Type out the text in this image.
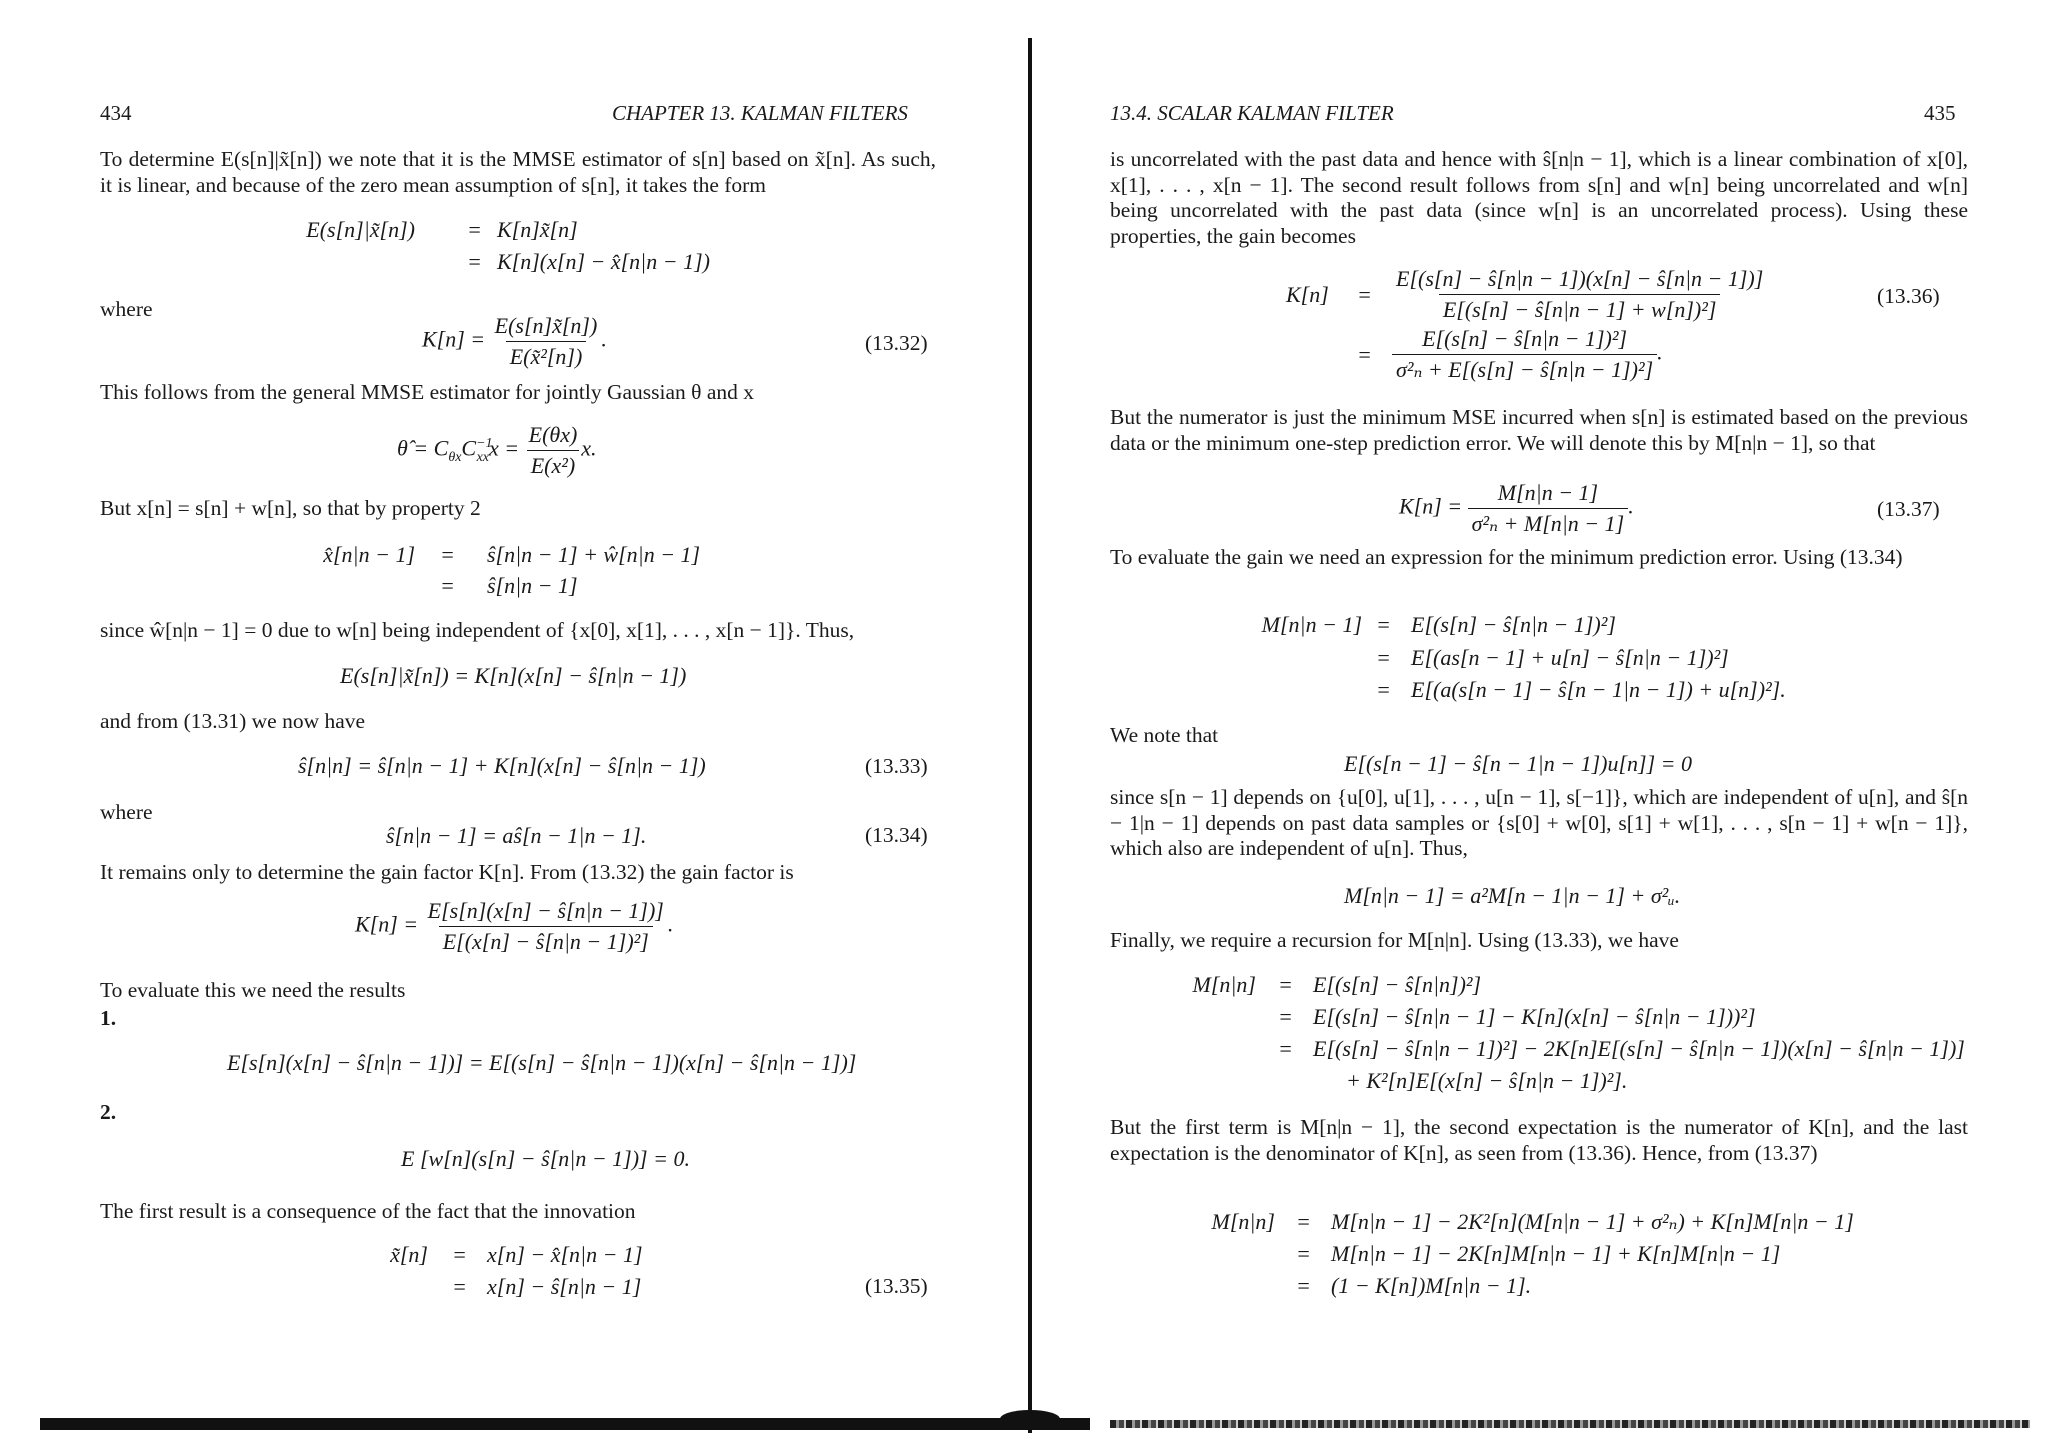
434	CHAPTER 13. KALMAN FILTERS
To determine E(s[n]|x̃[n]) we note that it is the MMSE estimator of s[n] based on x̃[n]. As such, it is linear, and because of the zero mean assumption of s[n], it takes the form
E(s[n]|x̃[n]) = K[n]x̃[n]
= K[n](x[n] − x̂[n|n − 1])
where
$K[n] = \frac{E(s[n]x̃[n])}{\text{E(x̃²[n])}}$ .	(13.32)
This follows from the general MMSE estimator for jointly Gaussian θ and x
θ̂ = $C_{\theta x}C^{-1}_{xx}x = \frac{E(\theta x)}{\text{E(x²)}} x$.
But x[n] = s[n] + w[n], so that by property 2
x̂[n|n − 1] = ŝ[n|n − 1] + ŵ[n|n − 1]
= ŝ[n|n − 1]
since ŵ[n|n − 1] = 0 due to w[n] being independent of {x[0], x[1], . . . , x[n − 1]}. Thus,
E(s[n]|x̃[n]) = K[n](x[n] − ŝ[n|n − 1])
and from (13.31) we now have
ŝ[n|n] = ŝ[n|n − 1] + K[n](x[n] − ŝ[n|n − 1])	(13.33)
where
ŝ[n|n − 1] = aŝ[n − 1|n − 1].	(13.34)
It remains only to determine the gain factor K[n]. From (13.32) the gain factor is
$K[n] = \frac{E[s[n](x[n] - ŝ[n|n - 1])]}{\text{E[(x[n] − ŝ[n|n − 1])²]}}$ .
To evaluate this we need the results
1.
E[s[n](x[n] − ŝ[n|n − 1])] = E[(s[n] − ŝ[n|n − 1])(x[n] − ŝ[n|n − 1])]
2.
E [w[n](s[n] − ŝ[n|n − 1])] = 0.
The first result is a consequence of the fact that the innovation
x̃[n] = x[n] − x̂[n|n − 1]
= x[n] − ŝ[n|n − 1]	(13.35)
13.4. SCALAR KALMAN FILTER	435
is uncorrelated with the past data and hence with ŝ[n|n − 1], which is a linear combination of x[0], x[1], . . . , x[n − 1]. The second result follows from s[n] and w[n] being uncorrelated and w[n] being uncorrelated with the past data (since w[n] is an uncorrelated process). Using these properties, the gain becomes
$K[n] = \frac{E[(s[n] - ŝ[n|n - 1])(x[n] - ŝ[n|n - 1])]}{\text{E[(s[n] − ŝ[n|n − 1] + w[n])²]}}$	(13.36)
= $\frac{\text{E[(s[n] − ŝ[n|n − 1])²]}}{\text{σ²ₙ + E[(s[n] − ŝ[n|n − 1])²]}}$ .
But the numerator is just the minimum MSE incurred when s[n] is estimated based on the previous data or the minimum one-step prediction error. We will denote this by M[n|n − 1], so that
$K[n] = \frac{M[n|n - 1]}{\text{σ²ₙ + M[n|n − 1]}}$ .	(13.37)
To evaluate the gain we need an expression for the minimum prediction error. Using (13.34)
M[n|n − 1] = E[(s[n] − ŝ[n|n − 1])²]
= E[(as[n − 1] + u[n] − ŝ[n|n − 1])²]
= E[(a(s[n − 1] − ŝ[n − 1|n − 1]) + u[n])²].
We note that
E[(s[n − 1] − ŝ[n − 1|n − 1])u[n]] = 0
since s[n − 1] depends on {u[0], u[1], . . . , u[n − 1], s[−1]}, which are independent of u[n], and ŝ[n − 1|n − 1] depends on past data samples or {s[0] + w[0], s[1] + w[1], . . . , s[n − 1] + w[n − 1]}, which also are independent of u[n]. Thus,
M[n|n − 1] = a²M[n − 1|n − 1] + σ²ᵤ.
Finally, we require a recursion for M[n|n]. Using (13.33), we have
M[n|n] = E[(s[n] − ŝ[n|n])²]
= E[(s[n] − ŝ[n|n − 1] − K[n](x[n] − ŝ[n|n − 1]))²]
= E[(s[n] − ŝ[n|n − 1])²] − 2K[n]E[(s[n] − ŝ[n|n − 1])(x[n] − ŝ[n|n − 1])]
+ K²[n]E[(x[n] − ŝ[n|n − 1])²].
But the first term is M[n|n − 1], the second expectation is the numerator of K[n], and the last expectation is the denominator of K[n], as seen from (13.36). Hence, from (13.37)
M[n|n] = M[n|n − 1] − 2K²[n](M[n|n − 1] + σ²ₙ) + K[n]M[n|n − 1]
= M[n|n − 1] − 2K[n]M[n|n − 1] + K[n]M[n|n − 1]
= (1 − K[n])M[n|n − 1].
